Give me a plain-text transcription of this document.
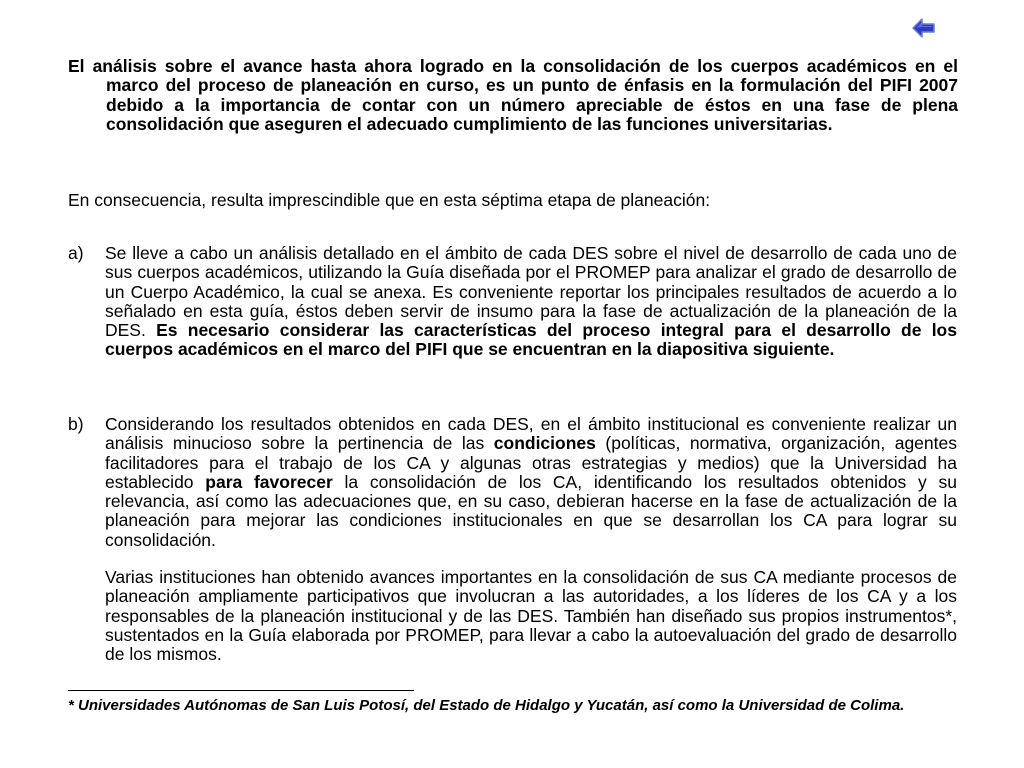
El análisis sobre el avance hasta ahora logrado en la consolidación de los cuerpos académicos en el marco del proceso de planeación en curso, es un punto de énfasis en la formulación del PIFI 2007 debido a la importancia de contar con un número apreciable de éstos en una fase de plena consolidación que aseguren el adecuado cumplimiento de las funciones universitarias.
En consecuencia, resulta imprescindible que en esta séptima etapa de planeación:
a) Se lleve a cabo un análisis detallado en el ámbito de cada DES sobre el nivel de desarrollo de cada uno de sus cuerpos académicos, utilizando la Guía diseñada por el PROMEP para analizar el grado de desarrollo de un Cuerpo Académico, la cual se anexa. Es conveniente reportar los principales resultados de acuerdo a lo señalado en esta guía, éstos deben servir de insumo para la fase de actualización de la planeación de la DES. Es necesario considerar las características del proceso integral para el desarrollo de los cuerpos académicos en el marco del PIFI que se encuentran en la diapositiva siguiente.
b) Considerando los resultados obtenidos en cada DES, en el ámbito institucional es conveniente realizar un análisis minucioso sobre la pertinencia de las condiciones (políticas, normativa, organización, agentes facilitadores para el trabajo de los CA y algunas otras estrategias y medios) que la Universidad ha establecido para favorecer la consolidación de los CA, identificando los resultados obtenidos y su relevancia, así como las adecuaciones que, en su caso, debieran hacerse en la fase de actualización de la planeación para mejorar las condiciones institucionales en que se desarrollan los CA para lograr su consolidación.
Varias instituciones han obtenido avances importantes en la consolidación de sus CA mediante procesos de planeación ampliamente participativos que involucran a las autoridades, a los líderes de los CA y a los responsables de la planeación institucional y de las DES. También han diseñado sus propios instrumentos*, sustentados en la Guía elaborada por PROMEP, para llevar a cabo la autoevaluación del grado de desarrollo de los mismos.
* Universidades Autónomas de San Luis Potosí, del Estado de Hidalgo y Yucatán, así como la Universidad de Colima.
